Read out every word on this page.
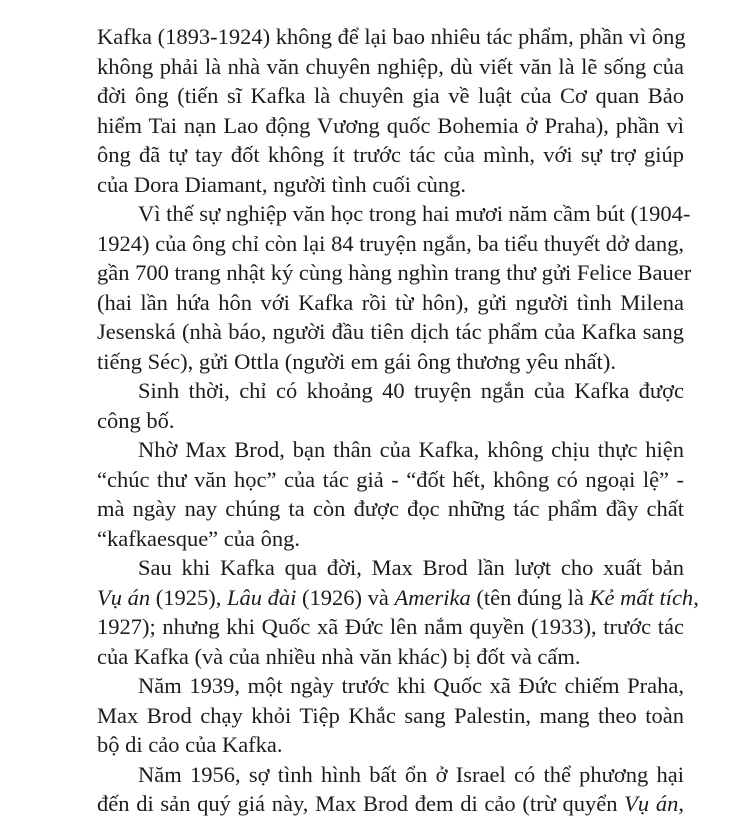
Kafka (1893-1924) không để lại bao nhiêu tác phẩm, phần vì ông
không phải là nhà văn chuyên nghiệp, dù viết văn là lẽ sống của
đời ông (tiến sĩ Kafka là chuyên gia về luật của Cơ quan Bảo
hiểm Tai nạn Lao động Vương quốc Bohemia ở Praha), phần vì
ông đã tự tay đốt không ít trước tác của mình, với sự trợ giúp
của Dora Diamant, người tình cuối cùng.
Vì thế sự nghiệp văn học trong hai mươi năm cầm bút (1904-
1924) của ông chỉ còn lại 84 truyện ngắn, ba tiểu thuyết dở dang,
gần 700 trang nhật ký cùng hàng nghìn trang thư gửi Felice Bauer
(hai lần hứa hôn với Kafka rồi từ hôn), gửi người tình Milena
Jesenská (nhà báo, người đầu tiên dịch tác phẩm của Kafka sang
tiếng Séc), gửi Ottla (người em gái ông thương yêu nhất).
Sinh thời, chỉ có khoảng 40 truyện ngắn của Kafka được
công bố.
Nhờ Max Brod, bạn thân của Kafka, không chịu thực hiện
“chúc thư văn học” của tác giả - “đốt hết, không có ngoại lệ” -
mà ngày nay chúng ta còn được đọc những tác phẩm đầy chất
“kafkaesque” của ông.
Sau khi Kafka qua đời, Max Brod lần lượt cho xuất bản
Vụ án (1925), Lâu đài (1926) và Amerika (tên đúng là Kẻ mất tích,
1927); nhưng khi Quốc xã Đức lên nắm quyền (1933), trước tác
của Kafka (và của nhiều nhà văn khác) bị đốt và cấm.
Năm 1939, một ngày trước khi Quốc xã Đức chiếm Praha,
Max Brod chạy khỏi Tiệp Khắc sang Palestin, mang theo toàn
bộ di cảo của Kafka.
Năm 1956, sợ tình hình bất ổn ở Israel có thể phương hại
đến di sản quý giá này, Max Brod đem di cảo (trừ quyển Vụ án,
